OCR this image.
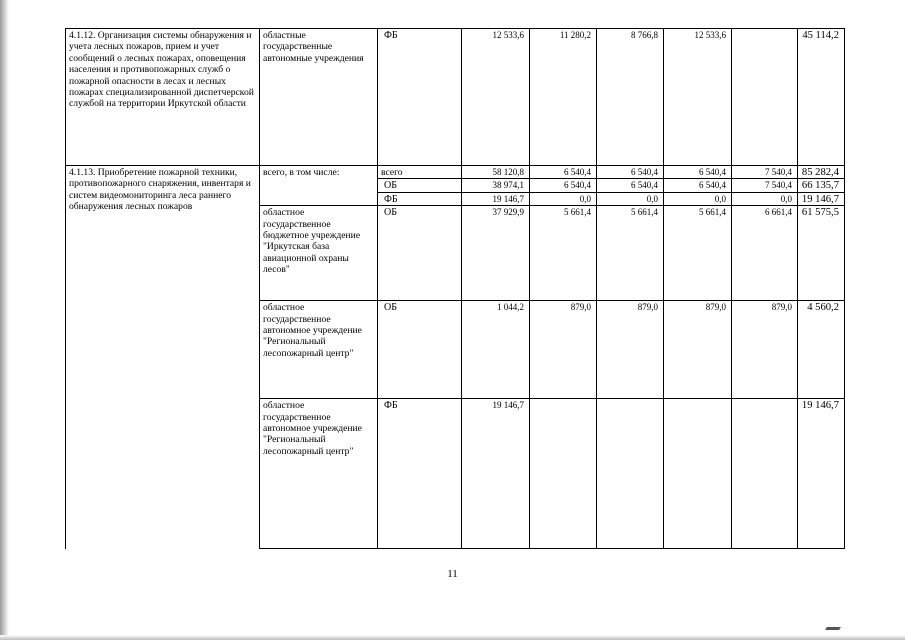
4.1.12. Организация системы обнаружения и учета лесных пожаров, прием и учет сообщений о лесных пожарах, оповещения населения и противопожарных служб о пожарной опасности в лесах и лесных пожарах специализированной диспетчерской службой на территории Иркутской области	областные государственные автономные учреждения	ФБ	12 533,6	11 280,2	8 766,8	12 533,6		45 114,2
4.1.13. Приобретение пожарной техники, противопожарного снаряжения, инвентаря и систем видеомониторинга леса раннего обнаружения лесных пожаров	всего, в том числе:	всего	58 120,8	6 540,4	6 540,4	6 540,4	7 540,4	85 282,4
		ОБ	38 974,1	6 540,4	6 540,4	6 540,4	7 540,4	66 135,7
		ФБ	19 146,7	0,0	0,0	0,0	0,0	19 146,7
	областное государственное бюджетное учреждение "Иркутская база авиационной охраны лесов"	ОБ	37 929,9	5 661,4	5 661,4	5 661,4	6 661,4	61 575,5
	областное государственное автономное учреждение "Региональный лесопожарный центр"	ОБ	1 044,2	879,0	879,0	879,0	879,0	4 560,2
	областное государственное автономное учреждение "Региональный лесопожарный центр"	ФБ	19 146,7					19 146,7
11
